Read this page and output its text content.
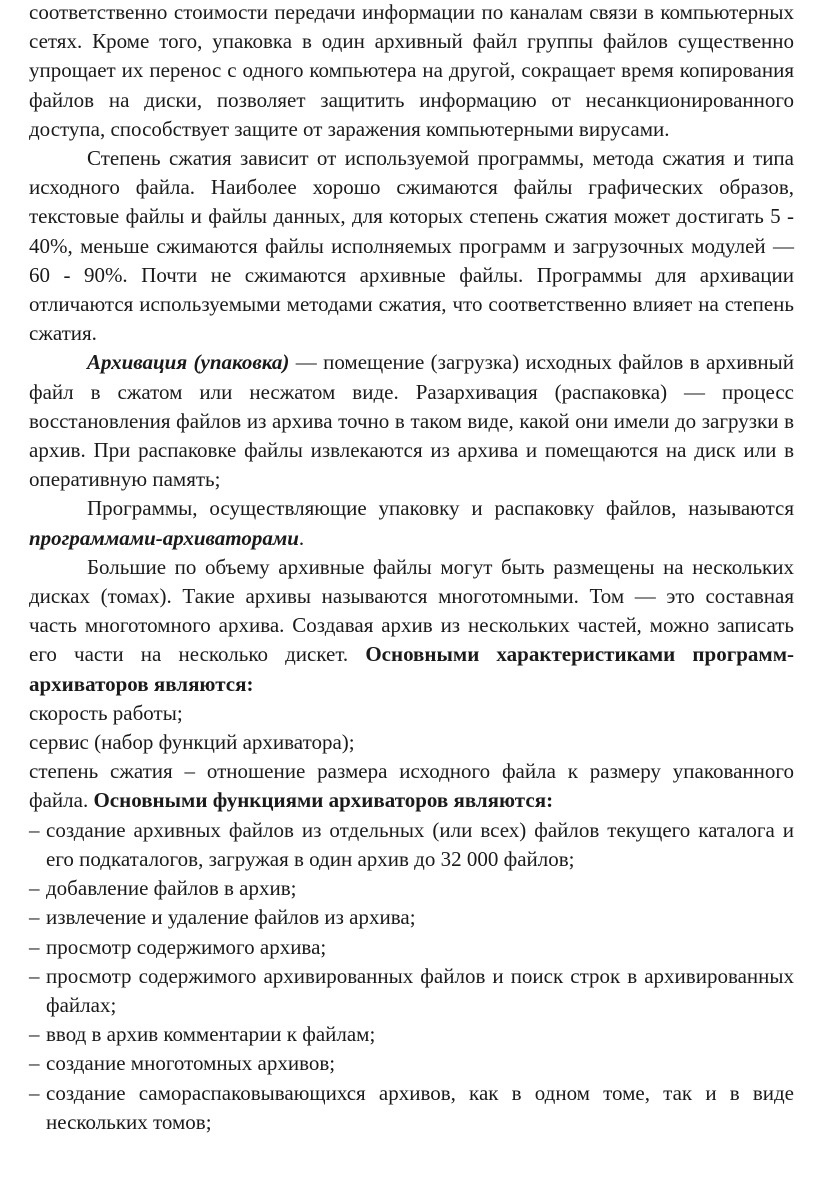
соответственно стоимости передачи информации по каналам связи в компьютерных сетях. Кроме того, упаковка в один архивный файл группы файлов существенно упрощает их перенос с одного компьютера на другой, сокращает время копирования файлов на диски, позволяет защитить информацию от несанкционированного доступа, способствует защите от заражения компьютерными вирусами.

Степень сжатия зависит от используемой программы, метода сжатия и типа исходного файла. Наиболее хорошо сжимаются файлы графических образов, текстовые файлы и файлы данных, для которых степень сжатия может достигать 5 - 40%, меньше сжимаются файлы исполняемых программ и загрузочных модулей — 60 - 90%. Почти не сжимаются архивные файлы. Программы для архивации отличаются используемыми методами сжатия, что соответственно влияет на степень сжатия.

Архивация (упаковка) — помещение (загрузка) исходных файлов в архивный файл в сжатом или несжатом виде. Разархивация (распаковка) — процесс восстановления файлов из архива точно в таком виде, какой они имели до загрузки в архив. При распаковке файлы извлекаются из архива и помещаются на диск или в оперативную память;

Программы, осуществляющие упаковку и распаковку файлов, называются программами-архиваторами.

Большие по объему архивные файлы могут быть размещены на нескольких дисках (томах). Такие архивы называются многотомными. Том — это составная часть многотомного архива. Создавая архив из нескольких частей, можно записать его части на несколько дискет. Основными характеристиками программ-архиваторов являются:

скорость работы;

сервис (набор функций архиватора);

степень сжатия – отношение размера исходного файла к размеру упакованного файла. Основными функциями архиваторов являются:

– создание архивных файлов из отдельных (или всех) файлов текущего каталога и его подкаталогов, загружая в один архив до 32 000 файлов;
– добавление файлов в архив;
– извлечение и удаление файлов из архива;
– просмотр содержимого архива;
– просмотр содержимого архивированных файлов и поиск строк в архивированных файлах;
– ввод в архив комментарии к файлам;
– создание многотомных архивов;
– создание самораспаковывающихся архивов, как в одном томе, так и в виде нескольких томов;
